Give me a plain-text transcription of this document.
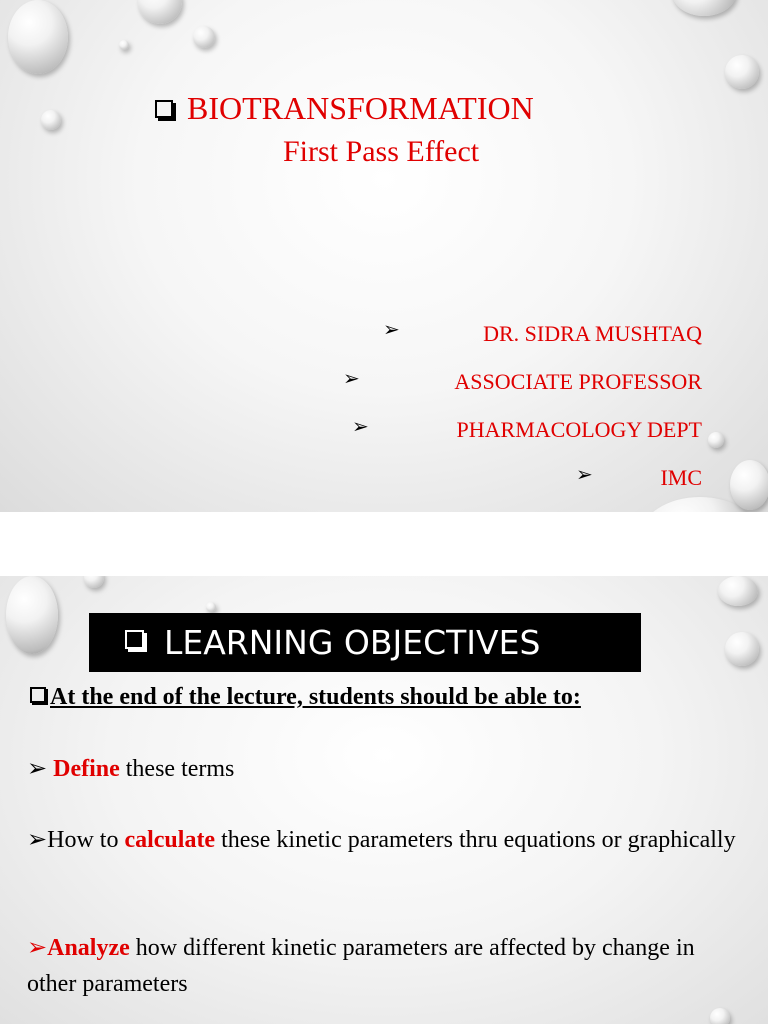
BIOTRANSFORMATION
First Pass Effect
➢	DR. SIDRA MUSHTAQ
➢	ASSOCIATE PROFESSOR
➢	PHARMACOLOGY DEPT
➢	IMC
LEARNING OBJECTIVES
At the end of the lecture, students should be able to:
➢ Define these terms
➢How to calculate these kinetic parameters thru equations or graphically
➢Analyze how different kinetic parameters are affected by change in other parameters
